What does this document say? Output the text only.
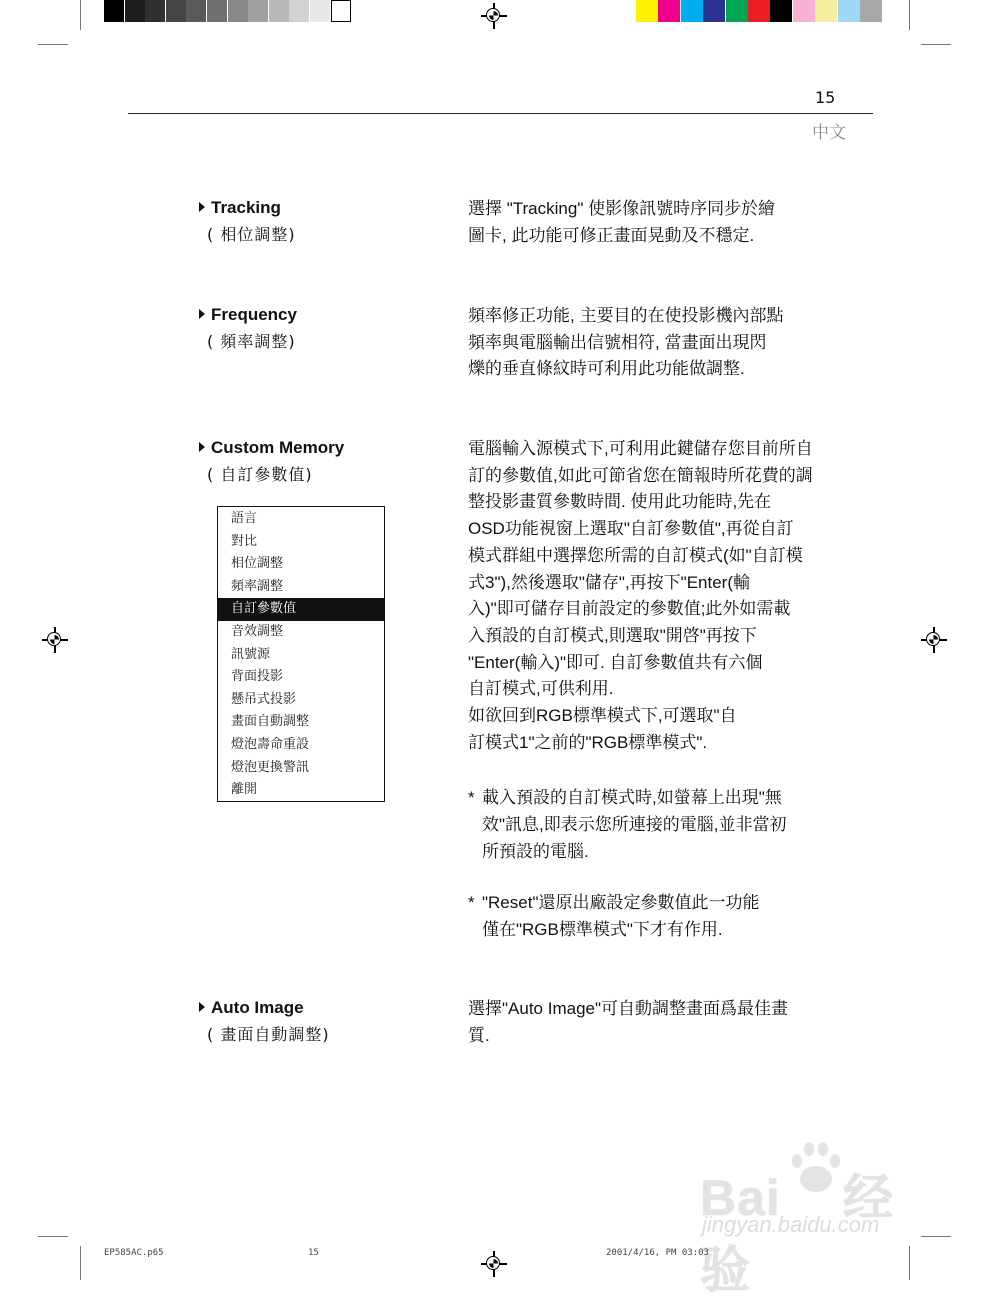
15
中文
Tracking
( 相位調整)

選擇 "Tracking" 使影像訊號時序同步於繪

圖卡, 此功能可修正畫面晃動及不穩定.

Frequency
( 頻率調整)

頻率修正功能, 主要目的在使投影機內部點

頻率與電腦輸出信號相符, 當畫面出現閃

爍的垂直條紋時可利用此功能做調整.

Custom Memory
( 自訂參數值)

電腦輸入源模式下,可利用此鍵儲存您目前所自

訂的參數值,如此可節省您在簡報時所花費的調

整投影畫質參數時間. 使用此功能時,先在

OSD功能視窗上選取"自訂參數值",再從自訂

模式群組中選擇您所需的自訂模式(如"自訂模

式3"),然後選取"儲存",再按下"Enter(輸

入)"即可儲存目前設定的參數值;此外如需載

入預設的自訂模式,則選取"開啓"再按下

"Enter(輸入)"即可. 自訂參數值共有六個

自訂模式,可供利用.

如欲回到RGB標準模式下,可選取"自

訂模式1"之前的"RGB標準模式".

* 載入預設的自訂模式時,如螢幕上出現"無
效"訊息,即表示您所連接的電腦,並非當初
所預設的電腦.
* "Reset"還原出廠設定參數值此一功能
僅在"RGB標準模式"下才有作用.
語言
對比
相位調整
頻率調整
自訂參數值
音效調整
訊號源
背面投影
懸吊式投影
畫面自動調整
燈泡壽命重設
燈泡更換警訊
離開
Auto Image
( 畫面自動調整)

選擇"Auto Image"可自動調整畫面爲最佳畫

質.

Bai 经验
jingyan.baidu.com
EP585AC.p65	15	2001/4/16, PM 03:03
